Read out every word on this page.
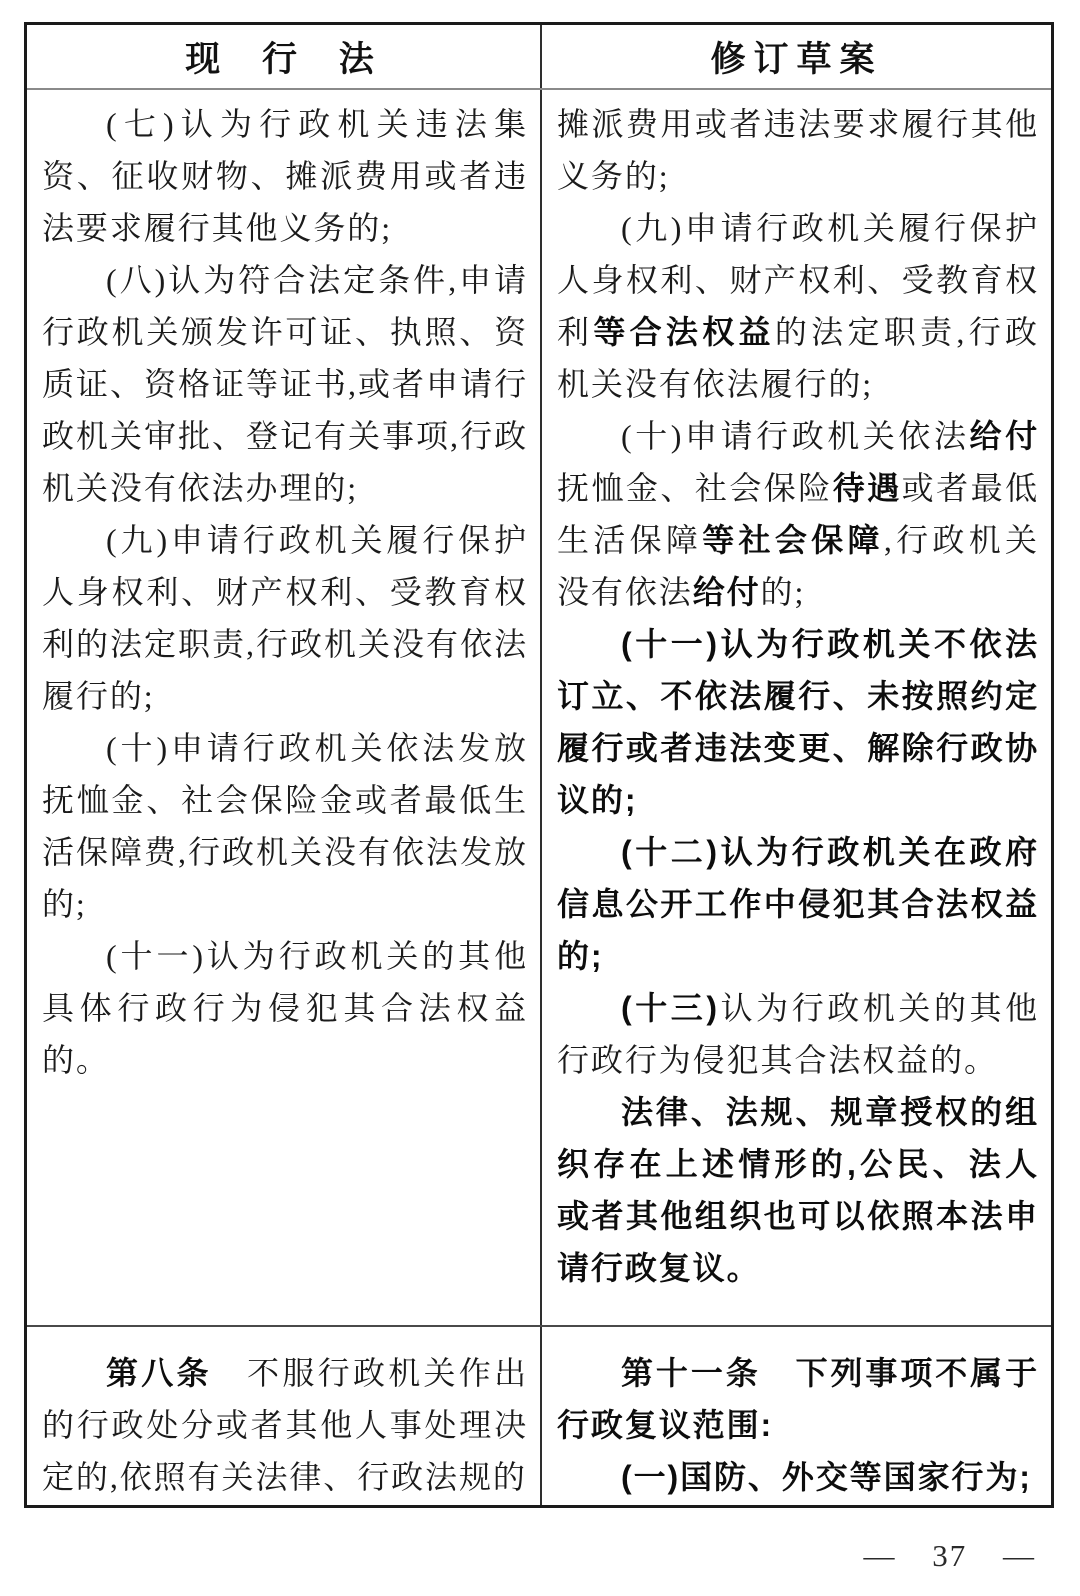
现 行 法	修订草案

(七)认为行政机关违法集资、征收财物、摊派费用或者违法要求履行其他义务的;

(八)认为符合法定条件,申请行政机关颁发许可证、执照、资质证、资格证等证书,或者申请行政机关审批、登记有关事项,行政机关没有依法办理的;

(九)申请行政机关履行保护人身权利、财产权利、受教育权利的法定职责,行政机关没有依法履行的;

(十)申请行政机关依法发放抚恤金、社会保险金或者最低生活保障费,行政机关没有依法发放的;

(十一)认为行政机关的其他具体行政行为侵犯其合法权益的。

摊派费用或者违法要求履行其他义务的;

(九)申请行政机关履行保护人身权利、财产权利、受教育权利等合法权益的法定职责,行政机关没有依法履行的;

(十)申请行政机关依法给付抚恤金、社会保险待遇或者最低生活保障等社会保障,行政机关没有依法给付的;

(十一)认为行政机关不依法订立、不依法履行、未按照约定履行或者违法变更、解除行政协议的;

(十二)认为行政机关在政府信息公开工作中侵犯其合法权益的;

(十三)认为行政机关的其他行政行为侵犯其合法权益的。

法律、法规、规章授权的组织存在上述情形的,公民、法人或者其他组织也可以依照本法申请行政复议。

第八条　不服行政机关作出的行政处分或者其他人事处理决定的,依照有关法律、行政法规的

第十一条　下列事项不属于行政复议范围:

(一)国防、外交等国家行为;

— 37 —
